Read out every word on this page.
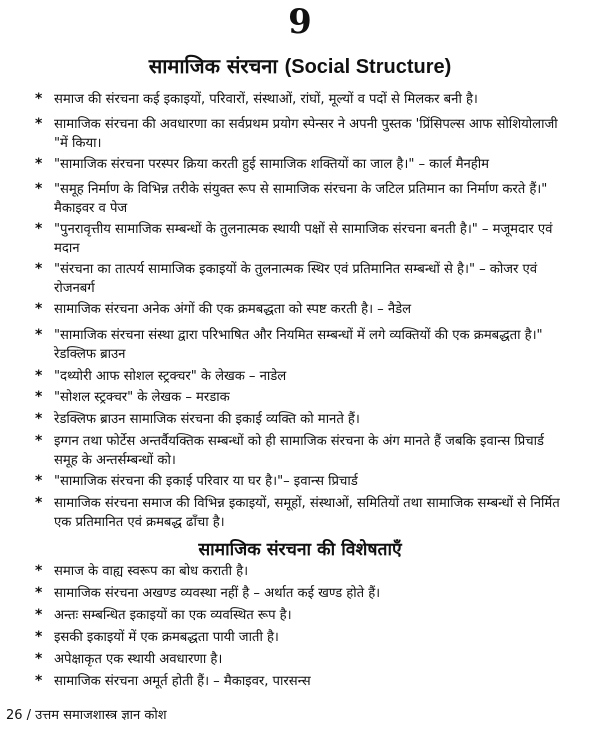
9
सामाजिक संरचना (Social Structure)
* समाज की संरचना कई इकाइयों, परिवारों, संस्थाओं, रांघों, मूल्यों व पदों से मिलकर बनी है।
* सामाजिक संरचना की अवधारणा का सर्वप्रथम प्रयोग स्पेन्सर ने अपनी पुस्तक 'प्रिंसिपल्स आफ सोशियोलाजी "में किया।
* "सामाजिक संरचना परस्पर क्रिया करती हुई सामाजिक शक्तियों का जाल है।" – कार्ल मैनहीम
* "समूह निर्माण के विभिन्न तरीके संयुक्त रूप से सामाजिक संरचना के जटिल प्रतिमान का निर्माण करते हैं।" मैकाइवर व पेज
* "पुनरावृत्तीय सामाजिक सम्बन्धों के तुलनात्मक स्थायी पक्षों से सामाजिक संरचना बनती है।" – मजूमदार एवं मदान
* "संरचना का तात्पर्य सामाजिक इकाइयों के तुलनात्मक स्थिर एवं प्रतिमानित सम्बन्धों से है।" – कोजर एवं रोजनबर्ग
* सामाजिक संरचना अनेक अंगों की एक क्रमबद्धता को स्पष्ट करती है। – नैडेल
* "सामाजिक संरचना संस्था द्वारा परिभाषित और नियमित सम्बन्धों में लगे व्यक्तियों की एक क्रमबद्धता है।" रेडक्लिफ ब्राउन
* "दथ्योरी आफ सोशल स्ट्रक्चर" के लेखक – नाडेल
* "सोशल स्ट्रक्चर" के लेखक – मरडाक
* रेडक्लिफ ब्राउन सामाजिक संरचना की इकाई व्यक्ति को मानते हैं।
* इग्गन तथा फोर्टेस अन्तर्वैयक्तिक सम्बन्धों को ही सामाजिक संरचना के अंग मानते हैं जबकि इवान्स प्रिचार्ड समूह के अन्तर्सम्बन्धों को।
* "सामाजिक संरचना की इकाई परिवार या घर है।"– इवान्स प्रिचार्ड
* सामाजिक संरचना समाज की विभिन्न इकाइयों, समूहों, संस्थाओं, समितियों तथा सामाजिक सम्बन्धों से निर्मित एक प्रतिमानित एवं क्रमबद्ध ढाँचा है।
सामाजिक संरचना की विशेषताएँ
* समाज के वाह्य स्वरूप का बोध कराती है।
* सामाजिक संरचना अखण्ड व्यवस्था नहीं है – अर्थात कई खण्ड होते हैं।
* अन्तः सम्बन्धित इकाइयों का एक व्यवस्थित रूप है।
* इसकी इकाइयों में एक क्रमबद्धता पायी जाती है।
* अपेक्षाकृत एक स्थायी अवधारणा है।
* सामाजिक संरचना अमूर्त होती हैं। – मैकाइवर, पारसन्स
26 / उत्तम समाजशास्त्र ज्ञान कोश
